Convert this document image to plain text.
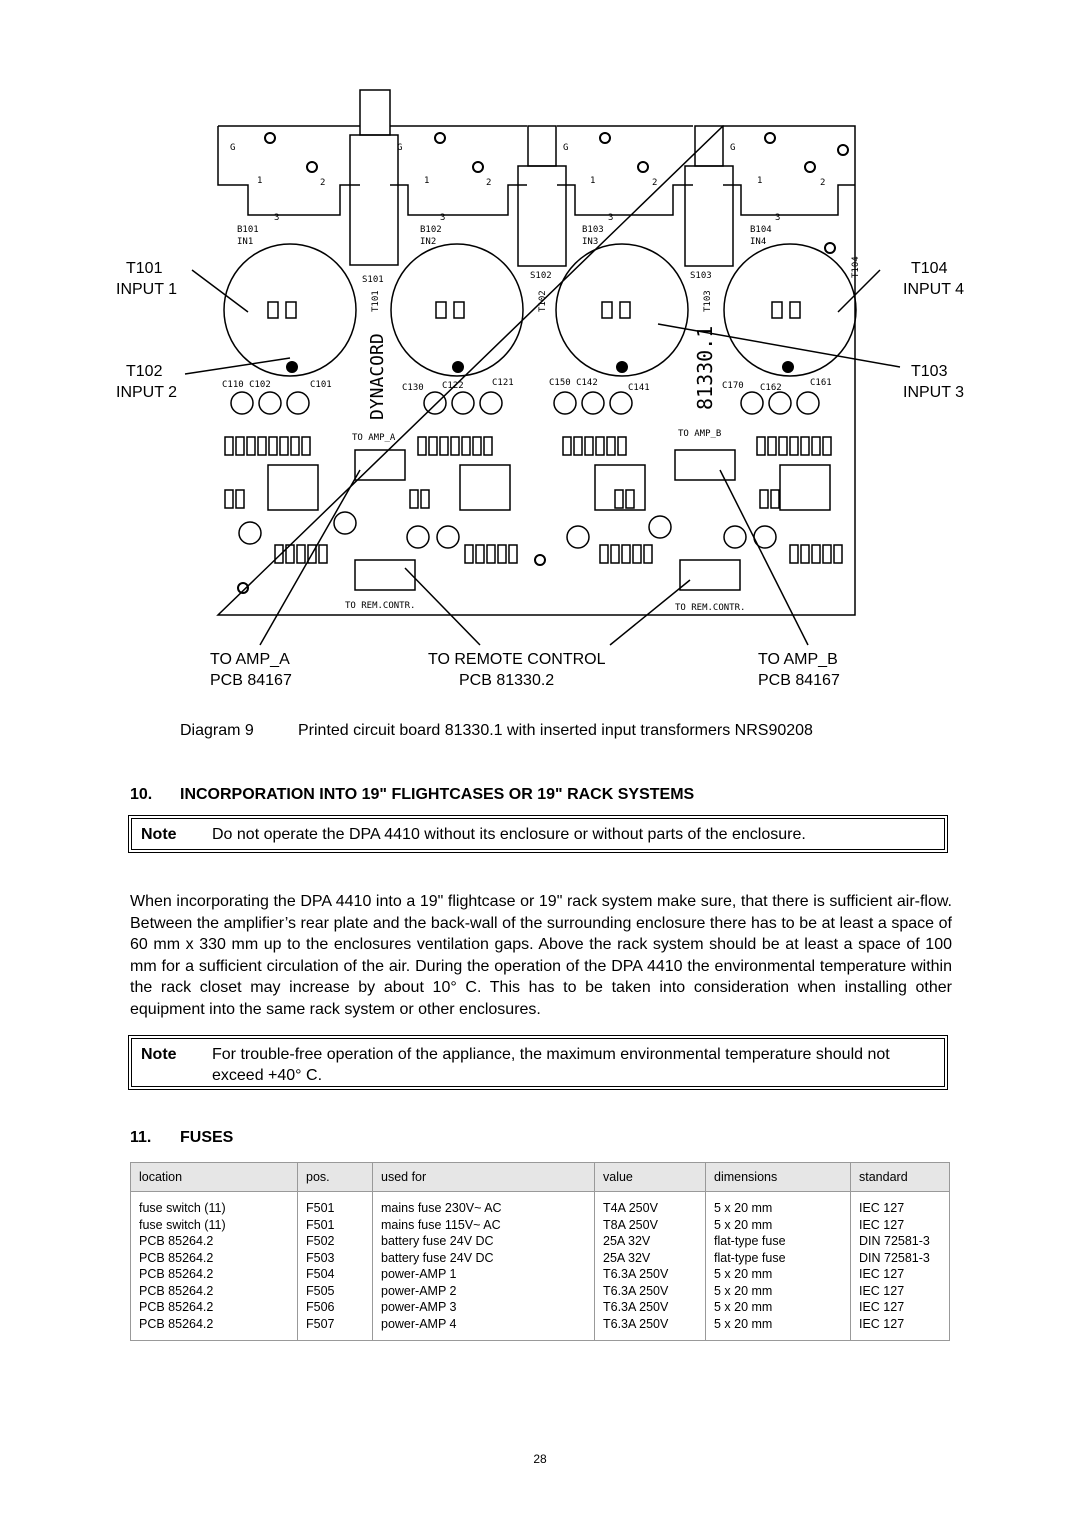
DYNACORD	81330.1
TO AMP_A	TO AMP_B
TO REM.CONTR.	TO REM.CONTR.
B101
IN1
B102
IN2
B103
IN3
B104
IN4
G	G	G	G
1	2
3
1	2
3
1	2
3
1	2
3
S101	S102	S103
T101	T102	T103
T104
C110 C102	C101	C130 C122	C121	C150 C142	C141	C170 C162	C161
T101
INPUT 1
T102
INPUT 2
T104
INPUT 4
T103
INPUT 3
TO AMP_A
PCB 84167
TO REMOTE CONTROL
PCB 81330.2
TO AMP_B
PCB 84167
Diagram 9	Printed circuit board 81330.1 with inserted input transformers NRS90208
10. INCORPORATION INTO 19" FLIGHTCASES OR 19" RACK SYSTEMS
Note Do not operate the DPA 4410 without its enclosure or without parts of the enclosure.
When incorporating the DPA 4410 into a 19" flightcase or 19" rack system make sure, that there is sufficient air-flow. Between the amplifier’s rear plate and the back-wall of the surrounding enclosure there has to be at least a space of 60 mm x 330 mm up to the enclosures ventilation gaps. Above the rack system should be at least a space of 100 mm for a sufficient circulation of the air. During the operation of the DPA 4410 the environmental temperature within the rack closet may increase by about 10° C. This has to be taken into consideration when installing other equipment into the same rack system or other enclosures.
Note For trouble-free operation of the appliance, the maximum environmental temperature should not exceed +40° C.
11. FUSES
location	pos.	used for	value	dimensions	standard

fuse switch (11)	F501	mains fuse 230V~ AC	T4A 250V	5 x 20 mm	IEC 127
fuse switch (11)	F501	mains fuse 115V~ AC	T8A 250V	5 x 20 mm	IEC 127
PCB 85264.2	F502	battery fuse 24V DC	25A 32V	flat-type fuse	DIN 72581-3
PCB 85264.2	F503	battery fuse 24V DC	25A 32V	flat-type fuse	DIN 72581-3
PCB 85264.2	F504	power-AMP 1	T6.3A 250V	5 x 20 mm	IEC 127
PCB 85264.2	F505	power-AMP 2	T6.3A 250V	5 x 20 mm	IEC 127
PCB 85264.2	F506	power-AMP 3	T6.3A 250V	5 x 20 mm	IEC 127
PCB 85264.2	F507	power-AMP 4	T6.3A 250V	5 x 20 mm	IEC 127
28
